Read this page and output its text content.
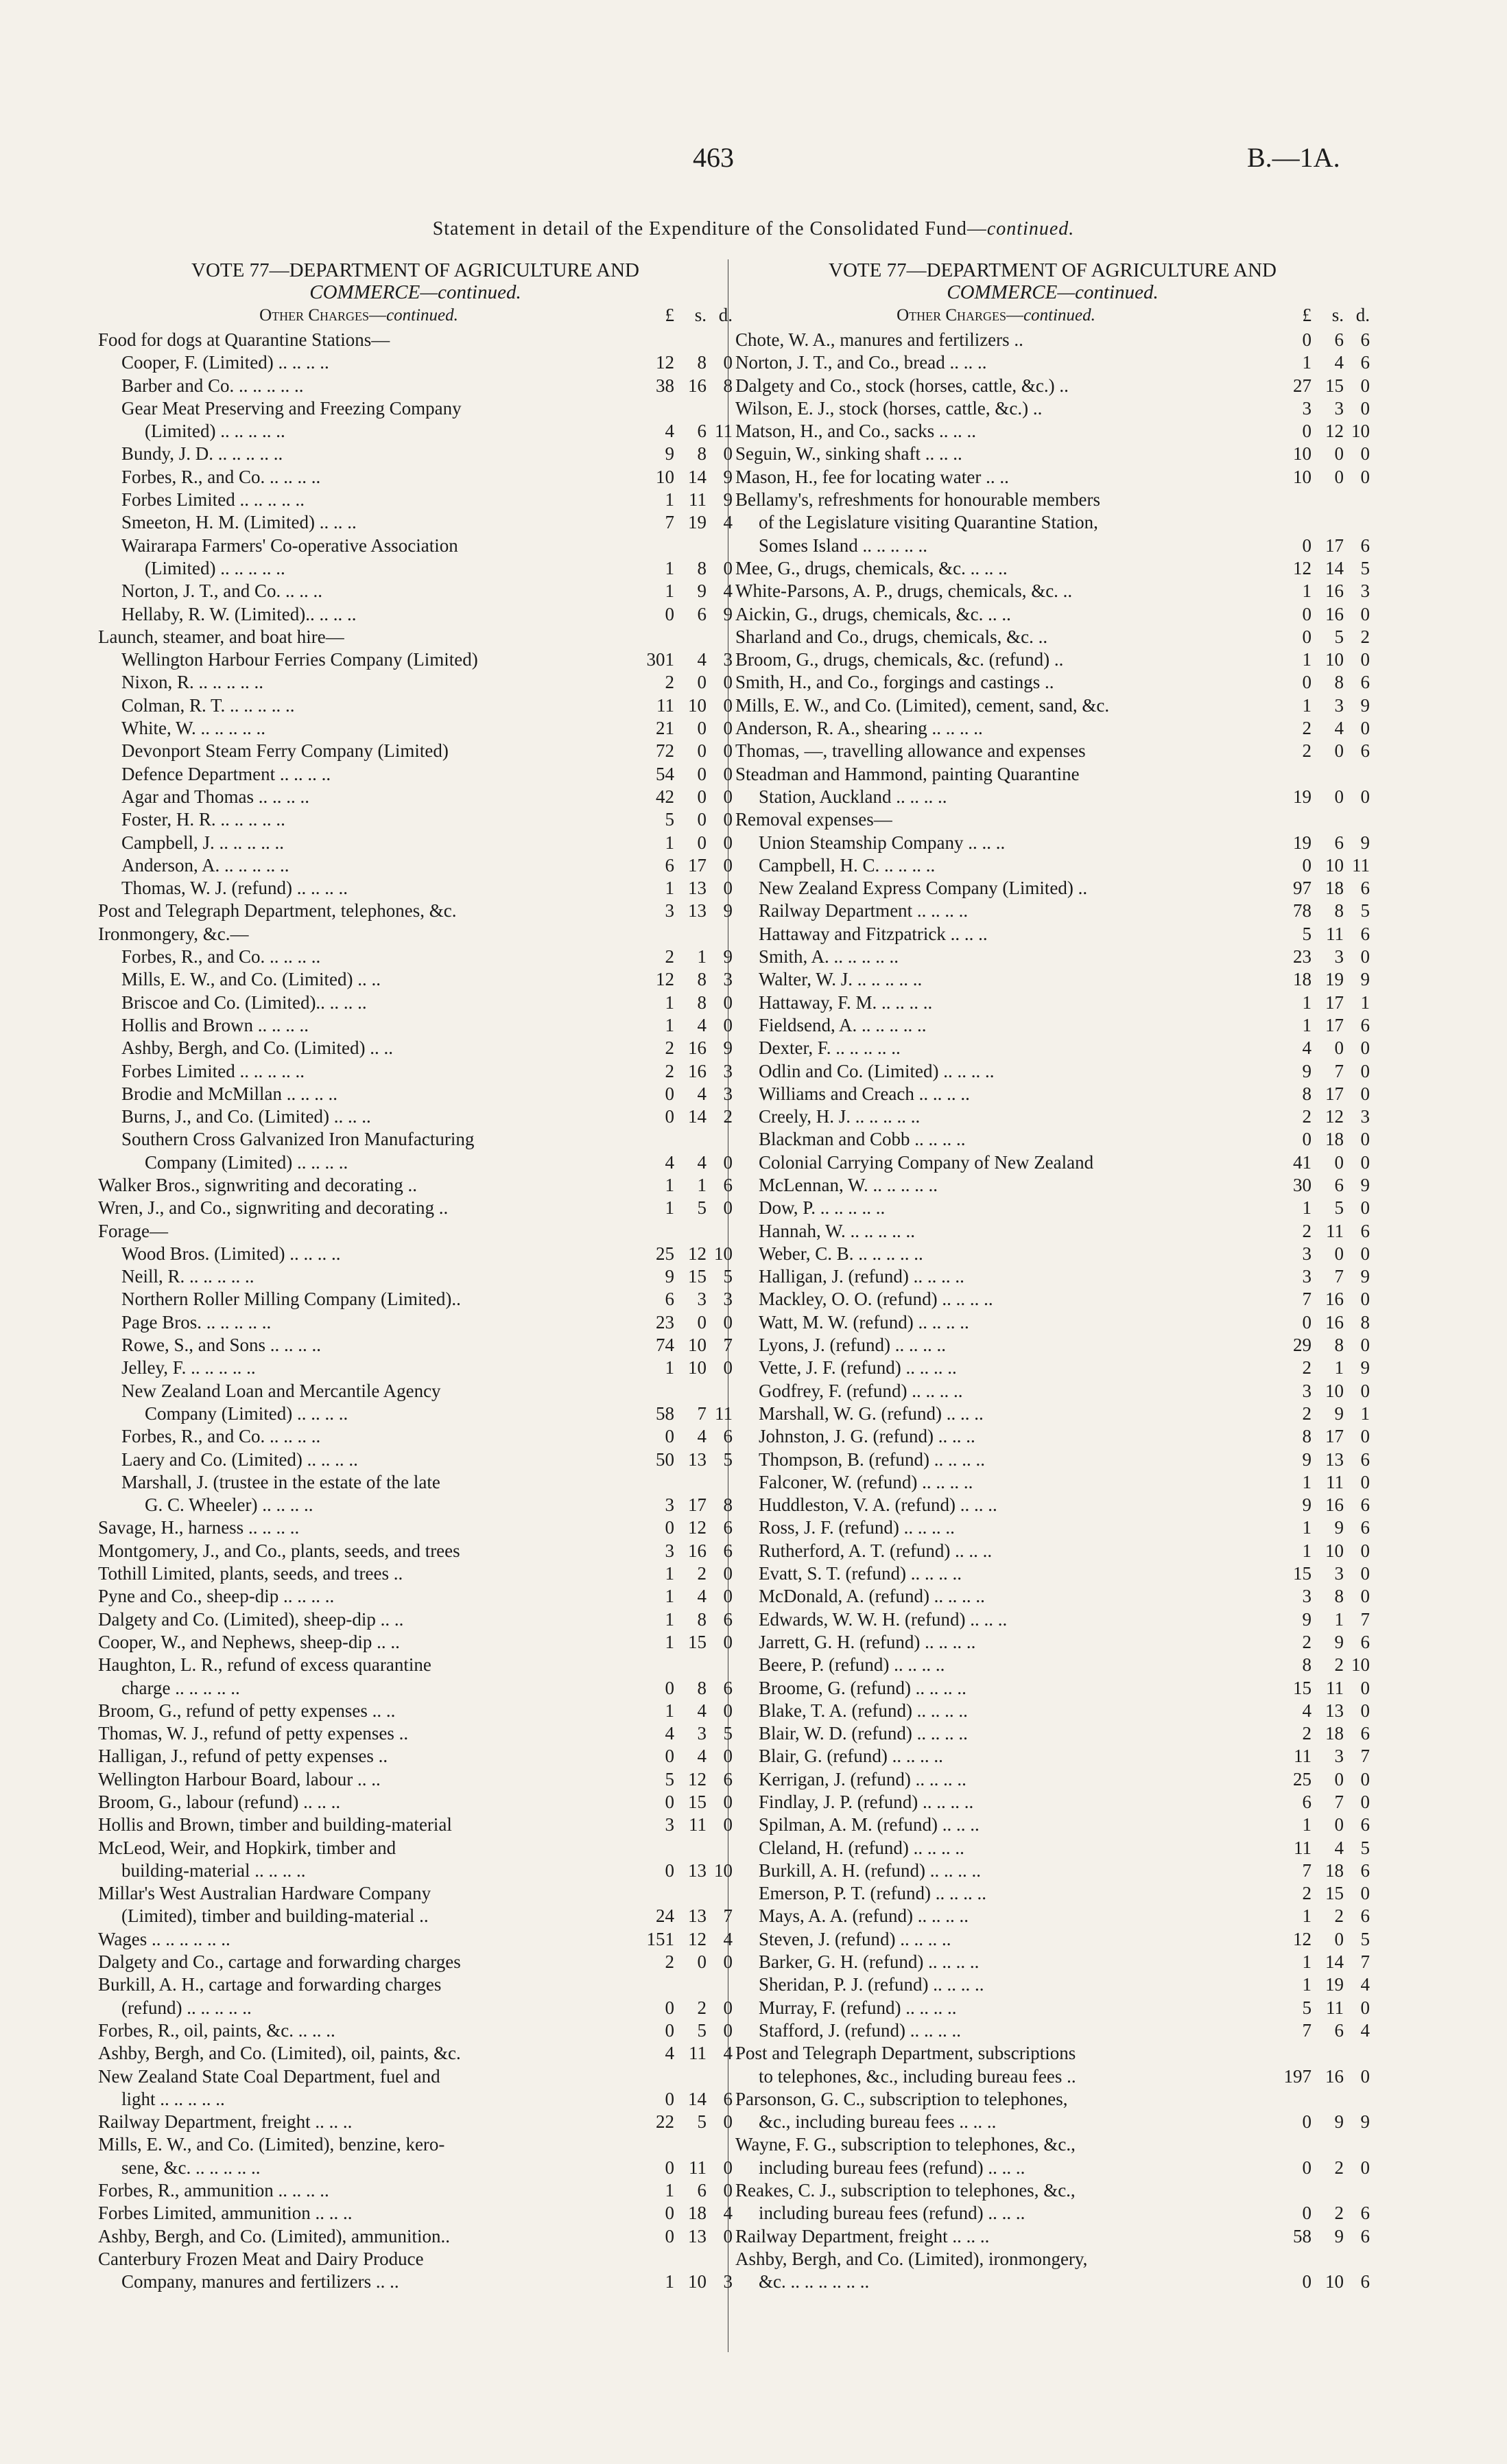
463	B.—1A.
Statement in detail of the Expenditure of the Consolidated Fund—continued.
VOTE 77—DEPARTMENT OF AGRICULTURE AND
COMMERCE—continued.
Other Charges—continued.	£	s. d.
Food for dogs at Quarantine Stations—
Cooper, F. (Limited) .. .. .. ..	12	8 0
Barber and Co. .. .. .. .. ..	38 16 8
Gear Meat Preserving and Freezing Company
(Limited) .. .. .. .. ..	4	6 11
Bundy, J. D. .. .. .. .. ..	9	8 0
Forbes, R., and Co. .. .. .. ..	10 14 9
Forbes Limited .. .. .. .. ..	1 11 9
Smeeton, H. M. (Limited) .. .. ..	7 19 4
Wairarapa Farmers' Co-operative Association
(Limited) .. .. .. .. ..	1	8 0
Norton, J. T., and Co. .. .. ..	1	9 4
Hellaby, R. W. (Limited).. .. .. ..	0	6 9
Launch, steamer, and boat hire—
Wellington Harbour Ferries Company (Limited)	301	4 3
Nixon, R. .. .. .. .. ..	2	0 0
Colman, R. T. .. .. .. .. ..	11 10 0
White, W. .. .. .. .. ..	21	0 0
Devonport Steam Ferry Company (Limited)	72	0 0
Defence Department .. .. .. ..	54	0 0
Agar and Thomas .. .. .. ..	42	0 0
Foster, H. R. .. .. .. .. ..	5	0 0
Campbell, J. .. .. .. .. ..	1	0 0
Anderson, A. .. .. .. .. ..	6 17 0
Thomas, W. J. (refund) .. .. .. ..	1 13 0
Post and Telegraph Department, telephones, &c.	3 13 9
Ironmongery, &c.—
Forbes, R., and Co. .. .. .. ..	2	1 9
Mills, E. W., and Co. (Limited) .. ..	12	8 3
Briscoe and Co. (Limited).. .. .. ..	1	8 0
Hollis and Brown .. .. .. ..	1	4 0
Ashby, Bergh, and Co. (Limited) .. ..	2 16 9
Forbes Limited .. .. .. .. ..	2 16 3
Brodie and McMillan .. .. .. ..	0	4 3
Burns, J., and Co. (Limited) .. .. ..	0 14 2
Southern Cross Galvanized Iron Manufacturing
Company (Limited) .. .. .. ..	4	4 0
Walker Bros., signwriting and decorating ..	1	1 6
Wren, J., and Co., signwriting and decorating ..	1	5 0
Forage—
Wood Bros. (Limited) .. .. .. ..	25 12 10
Neill, R. .. .. .. .. ..	9 15 5
Northern Roller Milling Company (Limited)..	6	3 3
Page Bros. .. .. .. .. ..	23	0 0
Rowe, S., and Sons .. .. .. ..	74 10 7
Jelley, F. .. .. .. .. ..	1 10 0
New Zealand Loan and Mercantile Agency
Company (Limited) .. .. .. ..	58	7 11
Forbes, R., and Co. .. .. .. ..	0	4 6
Laery and Co. (Limited) .. .. .. ..	50 13 5
Marshall, J. (trustee in the estate of the late
G. C. Wheeler) .. .. .. ..	3 17 8
Savage, H., harness .. .. .. ..	0 12 6
Montgomery, J., and Co., plants, seeds, and trees	3 16 6
Tothill Limited, plants, seeds, and trees ..	1	2 0
Pyne and Co., sheep-dip .. .. .. ..	1	4 0
Dalgety and Co. (Limited), sheep-dip .. ..	1	8 6
Cooper, W., and Nephews, sheep-dip .. ..	1 15 0
Haughton, L. R., refund of excess quarantine
charge .. .. .. .. ..	0	8 6
Broom, G., refund of petty expenses .. ..	1	4 0
Thomas, W. J., refund of petty expenses ..	4	3 5
Halligan, J., refund of petty expenses ..	0	4 0
Wellington Harbour Board, labour .. ..	5 12 6
Broom, G., labour (refund) .. .. ..	0 15 0
Hollis and Brown, timber and building-material	3 11 0
McLeod, Weir, and Hopkirk, timber and
building-material .. .. .. ..	0 13 10
Millar's West Australian Hardware Company
(Limited), timber and building-material ..	24 13 7
Wages .. .. .. .. .. ..	151 12 4
Dalgety and Co., cartage and forwarding charges	2	0 0
Burkill, A. H., cartage and forwarding charges
(refund) .. .. .. .. ..	0	2 0
Forbes, R., oil, paints, &c. .. .. ..	0	5 0
Ashby, Bergh, and Co. (Limited), oil, paints, &c.	4 11 4
New Zealand State Coal Department, fuel and
light .. .. .. .. ..	0 14 6
Railway Department, freight .. .. ..	22	5 0
Mills, E. W., and Co. (Limited), benzine, kero-
sene, &c. .. .. .. .. ..	0 11 0
Forbes, R., ammunition .. .. .. ..	1	6 0
Forbes Limited, ammunition .. .. ..	0 18 4
Ashby, Bergh, and Co. (Limited), ammunition..	0 13 0
Canterbury Frozen Meat and Dairy Produce
Company, manures and fertilizers .. ..	1 10 3
VOTE 77—DEPARTMENT OF AGRICULTURE AND
COMMERCE—continued.
Other Charges—continued.	£	s. d.
Chote, W. A., manures and fertilizers ..	0	6 6
Norton, J. T., and Co., bread .. .. ..	1	4 6
Dalgety and Co., stock (horses, cattle, &c.) ..	27 15 0
Wilson, E. J., stock (horses, cattle, &c.) ..	3	3 0
Matson, H., and Co., sacks .. .. ..	0 12 10
Seguin, W., sinking shaft .. .. ..	10	0 0
Mason, H., fee for locating water .. ..	10	0 0
Bellamy's, refreshments for honourable members
of the Legislature visiting Quarantine Station,
Somes Island .. .. .. .. ..	0 17 6
Mee, G., drugs, chemicals, &c. .. .. ..	12 14 5
White-Parsons, A. P., drugs, chemicals, &c. ..	1 16 3
Aickin, G., drugs, chemicals, &c. .. ..	0 16 0
Sharland and Co., drugs, chemicals, &c. ..	0	5 2
Broom, G., drugs, chemicals, &c. (refund) ..	1 10 0
Smith, H., and Co., forgings and castings ..	0	8 6
Mills, E. W., and Co. (Limited), cement, sand, &c.	1	3 9
Anderson, R. A., shearing .. .. .. ..	2	4 0
Thomas, —, travelling allowance and expenses	2	0 6
Steadman and Hammond, painting Quarantine
Station, Auckland .. .. .. ..	19	0 0
Removal expenses—
Union Steamship Company .. .. ..	19	6 9
Campbell, H. C. .. .. .. ..	0 10 11
New Zealand Express Company (Limited) ..	97 18 6
Railway Department .. .. .. ..	78	8 5
Hattaway and Fitzpatrick .. .. ..	5 11 6
Smith, A. .. .. .. .. ..	23	3 0
Walter, W. J. .. .. .. .. ..	18 19 9
Hattaway, F. M. .. .. .. ..	1 17 1
Fieldsend, A. .. .. .. .. ..	1 17 6
Dexter, F. .. .. .. .. ..	4	0 0
Odlin and Co. (Limited) .. .. .. ..	9	7 0
Williams and Creach .. .. .. ..	8 17 0
Creely, H. J. .. .. .. .. ..	2 12 3
Blackman and Cobb .. .. .. ..	0 18 0
Colonial Carrying Company of New Zealand	41	0 0
McLennan, W. .. .. .. .. ..	30	6 9
Dow, P. .. .. .. .. ..	1	5 0
Hannah, W. .. .. .. .. ..	2 11 6
Weber, C. B. .. .. .. .. ..	3	0 0
Halligan, J. (refund) .. .. .. ..	3	7 9
Mackley, O. O. (refund) .. .. .. ..	7 16 0
Watt, M. W. (refund) .. .. .. ..	0 16 8
Lyons, J. (refund) .. .. .. ..	29	8 0
Vette, J. F. (refund) .. .. .. ..	2	1 9
Godfrey, F. (refund) .. .. .. ..	3 10 0
Marshall, W. G. (refund) .. .. ..	2	9 1
Johnston, J. G. (refund) .. .. ..	8 17 0
Thompson, B. (refund) .. .. .. ..	9 13 6
Falconer, W. (refund) .. .. .. ..	1 11 0
Huddleston, V. A. (refund) .. .. ..	9 16 6
Ross, J. F. (refund) .. .. .. ..	1	9 6
Rutherford, A. T. (refund) .. .. ..	1 10 0
Evatt, S. T. (refund) .. .. .. ..	15	3 0
McDonald, A. (refund) .. .. .. ..	3	8 0
Edwards, W. W. H. (refund) .. .. ..	9	1 7
Jarrett, G. H. (refund) .. .. .. ..	2	9 6
Beere, P. (refund) .. .. .. ..	8	2 10
Broome, G. (refund) .. .. .. ..	15 11 0
Blake, T. A. (refund) .. .. .. ..	4 13 0
Blair, W. D. (refund) .. .. .. ..	2 18 6
Blair, G. (refund) .. .. .. ..	11	3 7
Kerrigan, J. (refund) .. .. .. ..	25	0 0
Findlay, J. P. (refund) .. .. .. ..	6	7 0
Spilman, A. M. (refund) .. .. ..	1	0 6
Cleland, H. (refund) .. .. .. ..	11	4 5
Burkill, A. H. (refund) .. .. .. ..	7 18 6
Emerson, P. T. (refund) .. .. .. ..	2 15 0
Mays, A. A. (refund) .. .. .. ..	1	2 6
Steven, J. (refund) .. .. .. ..	12	0 5
Barker, G. H. (refund) .. .. .. ..	1 14 7
Sheridan, P. J. (refund) .. .. .. ..	1 19 4
Murray, F. (refund) .. .. .. ..	5 11 0
Stafford, J. (refund) .. .. .. ..	7	6 4
Post and Telegraph Department, subscriptions
to telephones, &c., including bureau fees ..	197 16 0
Parsonson, G. C., subscription to telephones,
&c., including bureau fees .. .. ..	0	9 9
Wayne, F. G., subscription to telephones, &c.,
including bureau fees (refund) .. .. ..	0	2 0
Reakes, C. J., subscription to telephones, &c.,
including bureau fees (refund) .. .. ..	0	2 6
Railway Department, freight .. .. ..	58	9 6
Ashby, Bergh, and Co. (Limited), ironmongery,
&c. .. .. .. .. .. ..	0 10 6
